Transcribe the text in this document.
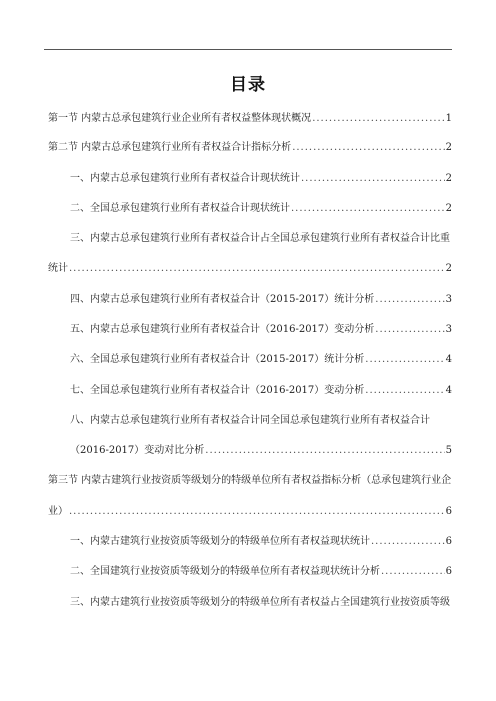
目录
第一节 内蒙古总承包建筑行业企业所有者权益整体现状概况 .....	1
第二节 内蒙古总承包建筑行业所有者权益合计指标分析 .....	2
一、内蒙古总承包建筑行业所有者权益合计现状统计 .....	2
二、全国总承包建筑行业所有者权益合计现状统计 .....	2
三、内蒙古总承包建筑行业所有者权益合计占全国总承包建筑行业所有者权益合计比重
统计 .....	2
四、内蒙古总承包建筑行业所有者权益合计（2015-2017）统计分析 .....	3
五、内蒙古总承包建筑行业所有者权益合计（2016-2017）变动分析 .....	3
六、全国总承包建筑行业所有者权益合计（2015-2017）统计分析 .....	4
七、全国总承包建筑行业所有者权益合计（2016-2017）变动分析 .....	4
八、内蒙古总承包建筑行业所有者权益合计同全国总承包建筑行业所有者权益合计
（2016-2017）变动对比分析 .....	5
第三节 内蒙古建筑行业按资质等级划分的特级单位所有者权益指标分析（总承包建筑行业企
业） .....	6
一、内蒙古建筑行业按资质等级划分的特级单位所有者权益现状统计 .....	6
二、全国建筑行业按资质等级划分的特级单位所有者权益现状统计分析 .....	6
三、内蒙古建筑行业按资质等级划分的特级单位所有者权益占全国建筑行业按资质等级
